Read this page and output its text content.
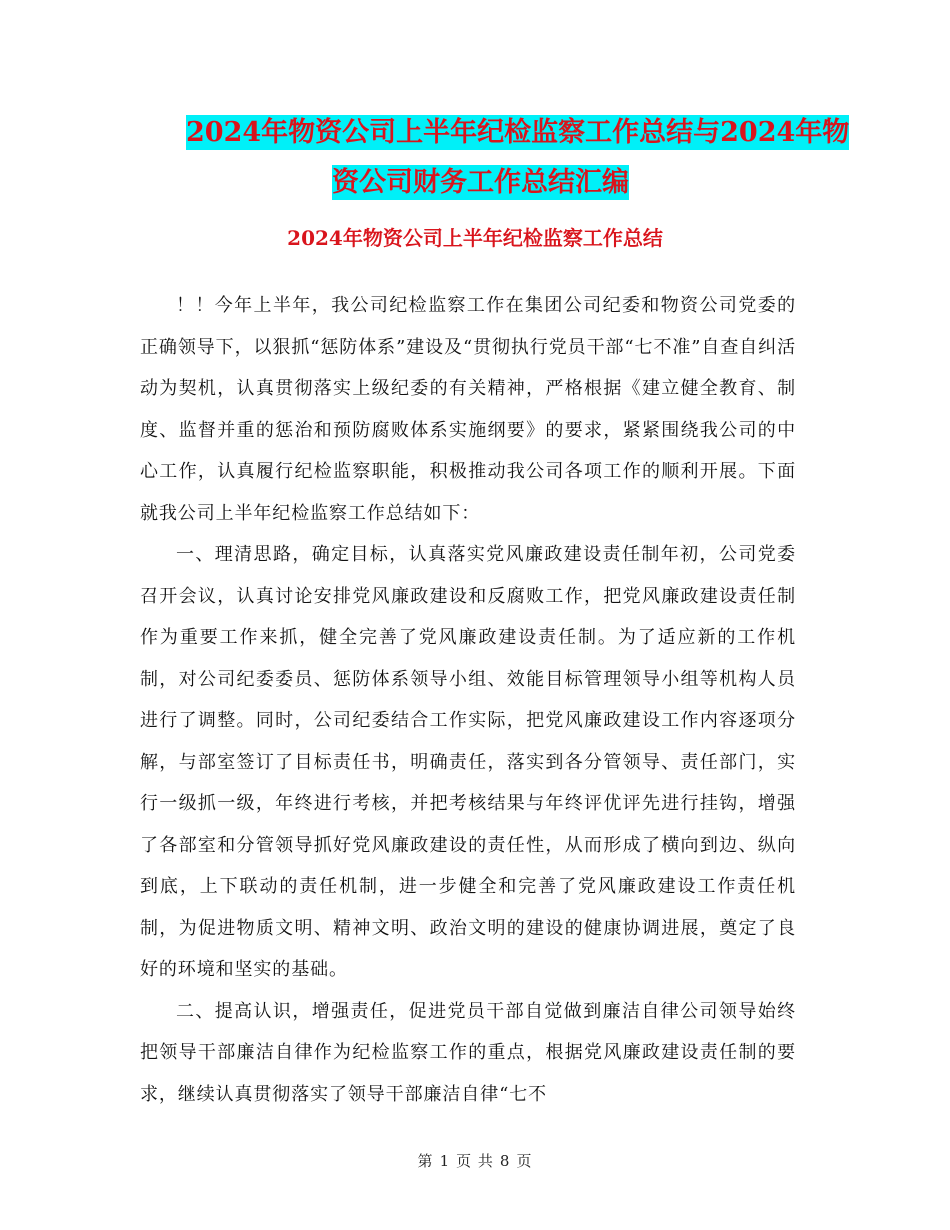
2024年物资公司上半年纪检监察工作总结与2024年物
资公司财务工作总结汇编
2024年物资公司上半年纪检监察工作总结

！！今年上半年，我公司纪检监察工作在集团公司纪委和物资公司党委的正确领导下，以狠抓“惩防体系”建设及“贯彻执行党员干部“七不准”自查自纠活动为契机，认真贯彻落实上级纪委的有关精神，严格根据《建立健全教育、制度、监督并重的惩治和预防腐败体系实施纲要》的要求，紧紧围绕我公司的中心工作，认真履行纪检监察职能，积极推动我公司各项工作的顺利开展。下面就我公司上半年纪检监察工作总结如下：

一、理清思路，确定目标，认真落实党风廉政建设责任制年初，公司党委召开会议，认真讨论安排党风廉政建设和反腐败工作，把党风廉政建设责任制作为重要工作来抓，健全完善了党风廉政建设责任制。为了适应新的工作机制，对公司纪委委员、惩防体系领导小组、效能目标管理领导小组等机构人员进行了调整。同时，公司纪委结合工作实际，把党风廉政建设工作内容逐项分解，与部室签订了目标责任书，明确责任，落实到各分管领导、责任部门，实行一级抓一级，年终进行考核，并把考核结果与年终评优评先进行挂钩，增强了各部室和分管领导抓好党风廉政建设的责任性，从而形成了横向到边、纵向到底，上下联动的责任机制，进一步健全和完善了党风廉政建设工作责任机制，为促进物质文明、精神文明、政治文明的建设的健康协调进展，奠定了良好的环境和坚实的基础。

二、提高认识，增强责任，促进党员干部自觉做到廉洁自律公司领导始终把领导干部廉洁自律作为纪检监察工作的重点，根据党风廉政建设责任制的要求，继续认真贯彻落实了领导干部廉洁自律“七不

第 1 页 共 8 页
